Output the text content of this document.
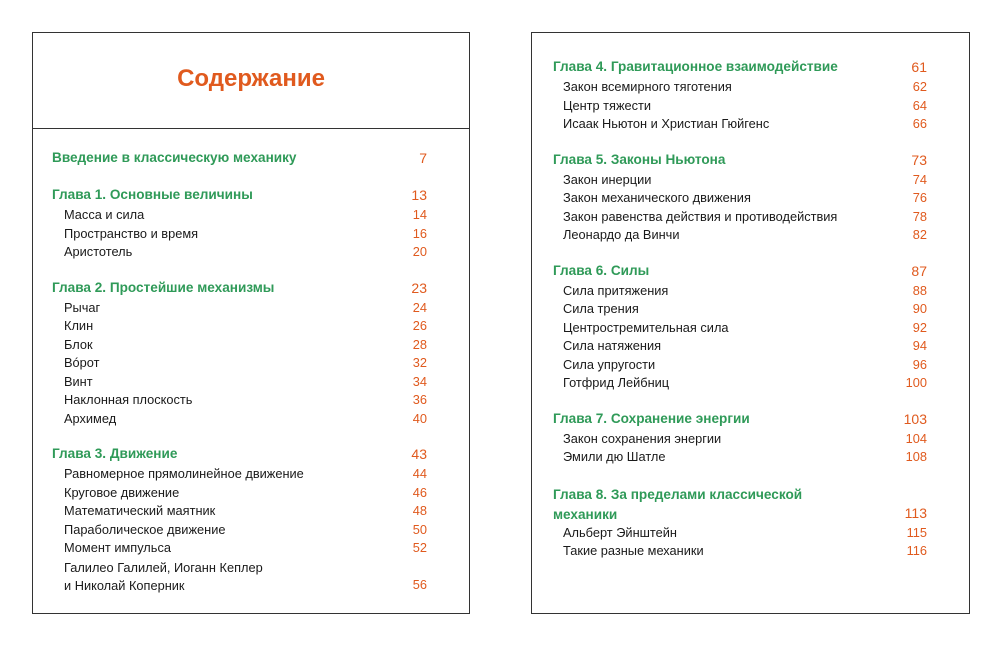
Содержание
Введение в классическую механику	7
Глава 1. Основные величины	13
Масса и сила	14
Пространство и время	16
Аристотель	20
Глава 2. Простейшие механизмы	23
Рычаг	24
Клин	26
Блок	28
Вóрот	32
Винт	34
Наклонная плоскость	36
Архимед	40
Глава 3. Движение	43
Равномерное прямолинейное движение	44
Круговое движение	46
Математический маятник	48
Параболическое движение	50
Момент импульса	52
Галилео Галилей, Иоганн Кеплер
и Николай Коперник	56
Глава 4. Гравитационное взаимодействие	61
Закон всемирного тяготения	62
Центр тяжести	64
Исаак Ньютон и Христиан Гюйгенс	66
Глава 5. Законы Ньютона	73
Закон инерции	74
Закон механического движения	76
Закон равенства действия и противодействия	78
Леонардо да Винчи	82
Глава 6. Силы	87
Сила притяжения	88
Сила трения	90
Центростремительная сила	92
Сила натяжения	94
Сила упругости	96
Готфрид Лейбниц	100
Глава 7. Сохранение энергии	103
Закон сохранения энергии	104
Эмили дю Шатле	108
Глава 8. За пределами классической
механики	113
Альберт Эйнштейн	115
Такие разные механики	116
